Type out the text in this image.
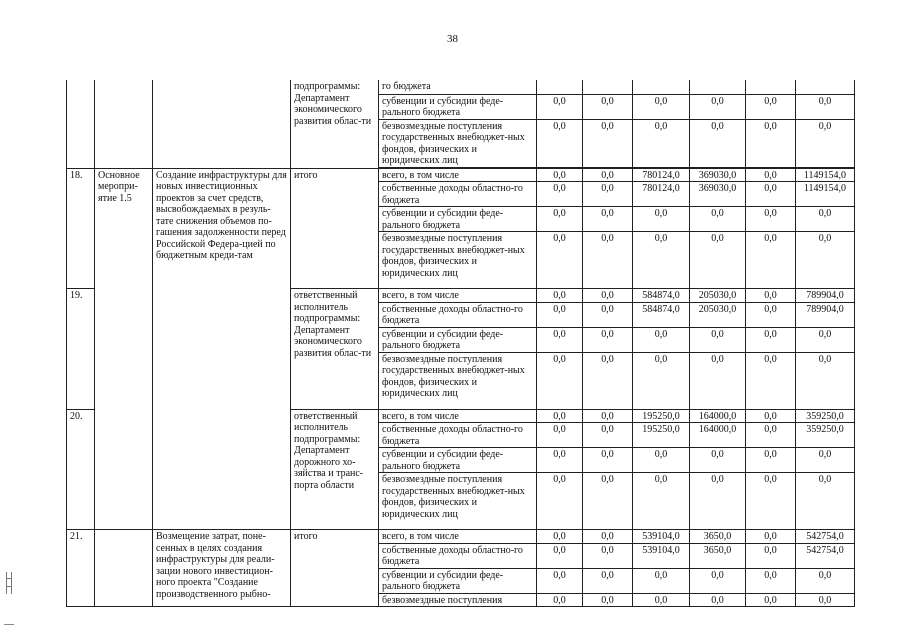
38
			подпрограммы: Департамент экономического развития облас-ти	го бюджета						
				субвенции и субсидии феде-рального бюджета	0,0	0,0	0,0	0,0	0,0	0,0
				безвозмездные поступления государственных внебюджет-ных фондов, физических и юридических лиц	0,0	0,0	0,0	0,0	0,0	0,0

18.	Основное меропри-ятие 1.5	Создание инфраструктуры для новых инвестиционных проектов за счет средств, высвобождаемых в резуль-тате снижения объемов по-гашения задолженности перед Российской Федера-цией по бюджетным креди-там	итого	всего, в том числе	0,0	0,0	780124,0	369030,0	0,0	1149154,0
				собственные доходы областно-го бюджета	0,0	0,0	780124,0	369030,0	0,0	1149154,0
				субвенции и субсидии феде-рального бюджета	0,0	0,0	0,0	0,0	0,0	0,0
				безвозмездные поступления государственных внебюджет-ных фондов, физических и юридических лиц	0,0	0,0	0,0	0,0	0,0	0,0
19.			ответственный исполнитель подпрограммы: Департамент экономического развития облас-ти	всего, в том числе	0,0	0,0	584874,0	205030,0	0,0	789904,0
				собственные доходы областно-го бюджета	0,0	0,0	584874,0	205030,0	0,0	789904,0
				субвенции и субсидии феде-рального бюджета	0,0	0,0	0,0	0,0	0,0	0,0
				безвозмездные поступления государственных внебюджет-ных фондов, физических и юридических лиц	0,0	0,0	0,0	0,0	0,0	0,0
20.			ответственный исполнитель подпрограммы: Департамент дорожного хо-зяйства и транс-порта области	всего, в том числе	0,0	0,0	195250,0	164000,0	0,0	359250,0
				собственные доходы областно-го бюджета	0,0	0,0	195250,0	164000,0	0,0	359250,0
				субвенции и субсидии феде-рального бюджета	0,0	0,0	0,0	0,0	0,0	0,0
				безвозмездные поступления государственных внебюджет-ных фондов, физических и юридических лиц	0,0	0,0	0,0	0,0	0,0	0,0
21.		Возмещение затрат, поне-сенных в целях создания инфраструктуры для реали-зации нового инвестицион-ного проекта "Создание производственного рыбно-	итого	всего, в том числе	0,0	0,0	539104,0	3650,0	0,0	542754,0
				собственные доходы областно-го бюджета	0,0	0,0	539104,0	3650,0	0,0	542754,0
				субвенции и субсидии феде-рального бюджета	0,0	0,0	0,0	0,0	0,0	0,0
				безвозмездные поступления	0,0	0,0	0,0	0,0	0,0	0,0
